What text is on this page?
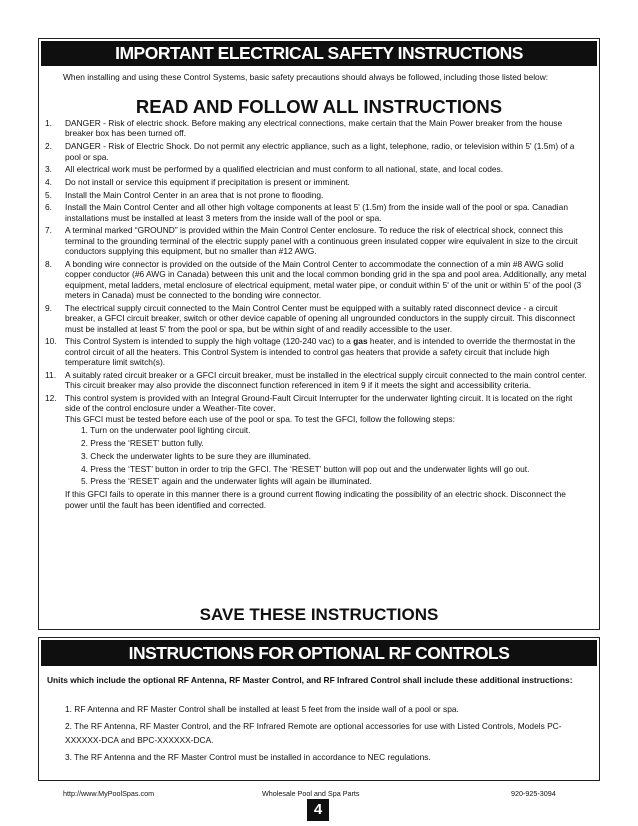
IMPORTANT ELECTRICAL SAFETY INSTRUCTIONS
When installing and using these Control Systems, basic safety precautions should always be followed, including those listed below:
READ AND FOLLOW ALL INSTRUCTIONS
1. DANGER - Risk of electric shock. Before making any electrical connections, make certain that the Main Power breaker from the house breaker box has been turned off.
2. DANGER - Risk of Electric Shock. Do not permit any electric appliance, such as a light, telephone, radio, or television within 5' (1.5m) of a pool or spa.
3. All electrical work must be performed by a qualified electrician and must conform to all national, state, and local codes.
4. Do not install or service this equipment if precipitation is present or imminent.
5. Install the Main Control Center in an area that is not prone to flooding.
6. Install the Main Control Center and all other high voltage components at least 5' (1.5m) from the inside wall of the pool or spa. Canadian installations must be installed at least 3 meters from the inside wall of the pool or spa.
7. A terminal marked “GROUND” is provided within the Main Control Center enclosure. To reduce the risk of electrical shock, connect this terminal to the grounding terminal of the electric supply panel with a continuous green insulated copper wire equivalent in size to the circuit conductors supplying this equipment, but no smaller than #12 AWG.
8. A bonding wire connector is provided on the outside of the Main Control Center to accommodate the connection of a min #8 AWG solid copper conductor (#6 AWG in Canada) between this unit and the local common bonding grid in the spa and pool area. Additionally, any metal equipment, metal ladders, metal enclosure of electrical equipment, metal water pipe, or conduit within 5' of the unit or within 5' of the pool (3 meters in Canada) must be connected to the bonding wire connector.
9. The electrical supply circuit connected to the Main Control Center must be equipped with a suitably rated disconnect device - a circuit breaker, a GFCI circuit breaker, switch or other device capable of opening all ungrounded conductors in the supply circuit. This disconnect must be installed at least 5' from the pool or spa, but be within sight of and readily accessible to the user.
10. This Control System is intended to supply the high voltage (120-240 vac) to a gas heater, and is intended to override the thermostat in the control circuit of all the heaters. This Control System is intended to control gas heaters that provide a safety circuit that include high temperature limit switch(s).
11. A suitably rated circuit breaker or a GFCI circuit breaker, must be installed in the electrical supply circuit connected to the main control center. This circuit breaker may also provide the disconnect function referenced in item 9 if it meets the sight and accessibility criteria.
12. This control system is provided with an Integral Ground-Fault Circuit Interrupter for the underwater lighting circuit. It is located on the right side of the control enclosure under a Weather-Tite cover.
This GFCI must be tested before each use of the pool or spa. To test the GFCI, follow the following steps:
1. Turn on the underwater pool lighting circuit.
2. Press the ‘RESET’ button fully.
3. Check the underwater lights to be sure they are illuminated.
4. Press the ‘TEST’ button in order to trip the GFCI. The ‘RESET’ button will pop out and the underwater lights will go out.
5. Press the ‘RESET’ again and the underwater lights will again be illuminated.
If this GFCI fails to operate in this manner there is a ground current flowing indicating the possibility of an electric shock. Disconnect the power until the fault has been identified and corrected.
SAVE THESE INSTRUCTIONS
INSTRUCTIONS FOR OPTIONAL RF CONTROLS
Units which include the optional RF Antenna, RF Master Control, and RF Infrared Control shall include these additional instructions:
1. RF Antenna and RF Master Control shall be installed at least 5 feet from the inside wall of a pool or spa.
2. The RF Antenna, RF Master Control, and the RF Infrared Remote are optional accessories for use with Listed Controls, Models PC-XXXXXX-DCA and BPC-XXXXXX-DCA.
3. The RF Antenna and the RF Master Control must be installed in accordance to NEC regulations.
http://www.MyPoolSpas.com	Wholesale Pool and Spa Parts	920-925-3094
4
